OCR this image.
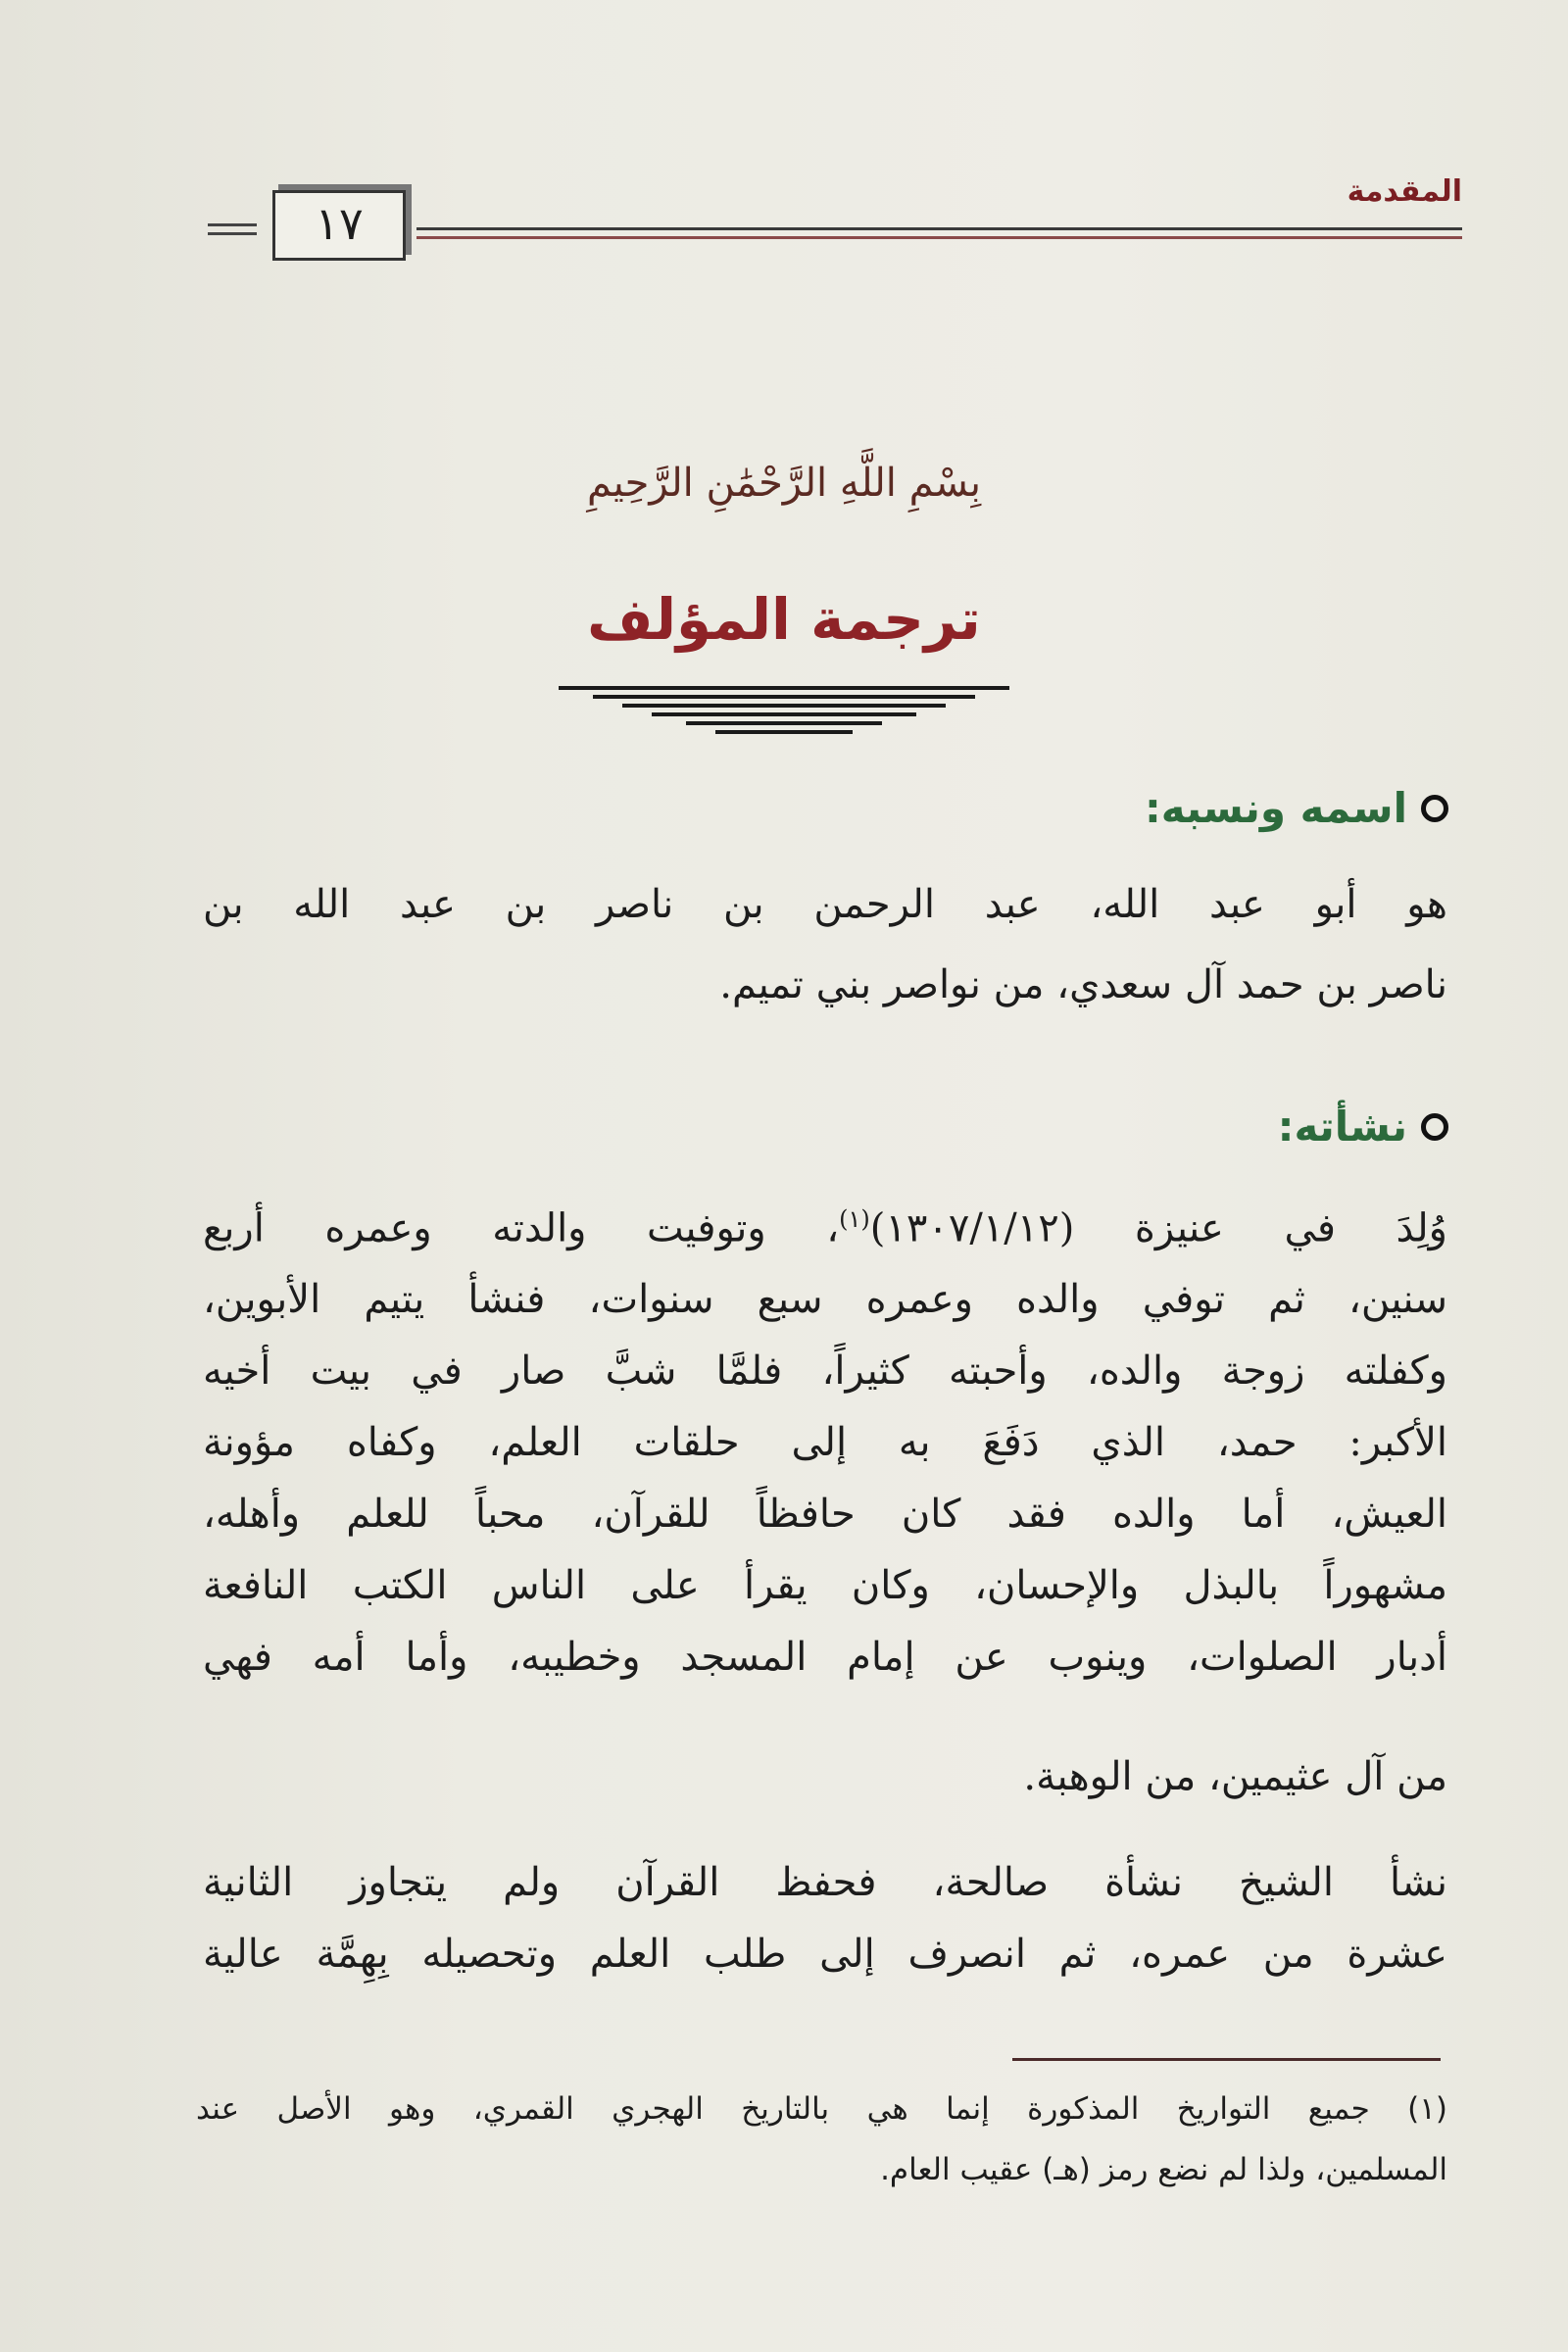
المقدمة
١٧
بِسْمِ اللَّهِ الرَّحْمَٰنِ الرَّحِيمِ
ترجمة المؤلف
اسمه ونسبه:
هو أبو عبد الله، عبد الرحمن بن ناصر بن عبد الله بن
ناصر بن حمد آل سعدي، من نواصر بني تميم.
نشأته:
وُلِدَ في عنيزة (١٣٠٧/١/١٢)$^{(١)}$، وتوفيت والدته وعمره أربع
سنين، ثم توفي والده وعمره سبع سنوات، فنشأ يتيم الأبوين،
وكفلته زوجة والده، وأحبته كثيراً، فلمَّا شبَّ صار في بيت أخيه
الأكبر: حمد، الذي دَفَعَ به إلى حلقات العلم، وكفاه مؤونة
العيش، أما والده فقد كان حافظاً للقرآن، محباً للعلم وأهله،
مشهوراً بالبذل والإحسان، وكان يقرأ على الناس الكتب النافعة
أدبار الصلوات، وينوب عن إمام المسجد وخطيبه، وأما أمه فهي
من آل عثيمين، من الوهبة.
نشأ الشيخ نشأة صالحة، فحفظ القرآن ولم يتجاوز الثانية
عشرة من عمره، ثم انصرف إلى طلب العلم وتحصيله بِهِمَّة عالية
(١) جميع التواريخ المذكورة إنما هي بالتاريخ الهجري القمري، وهو الأصل عند
المسلمين، ولذا لم نضع رمز (هـ) عقيب العام.
